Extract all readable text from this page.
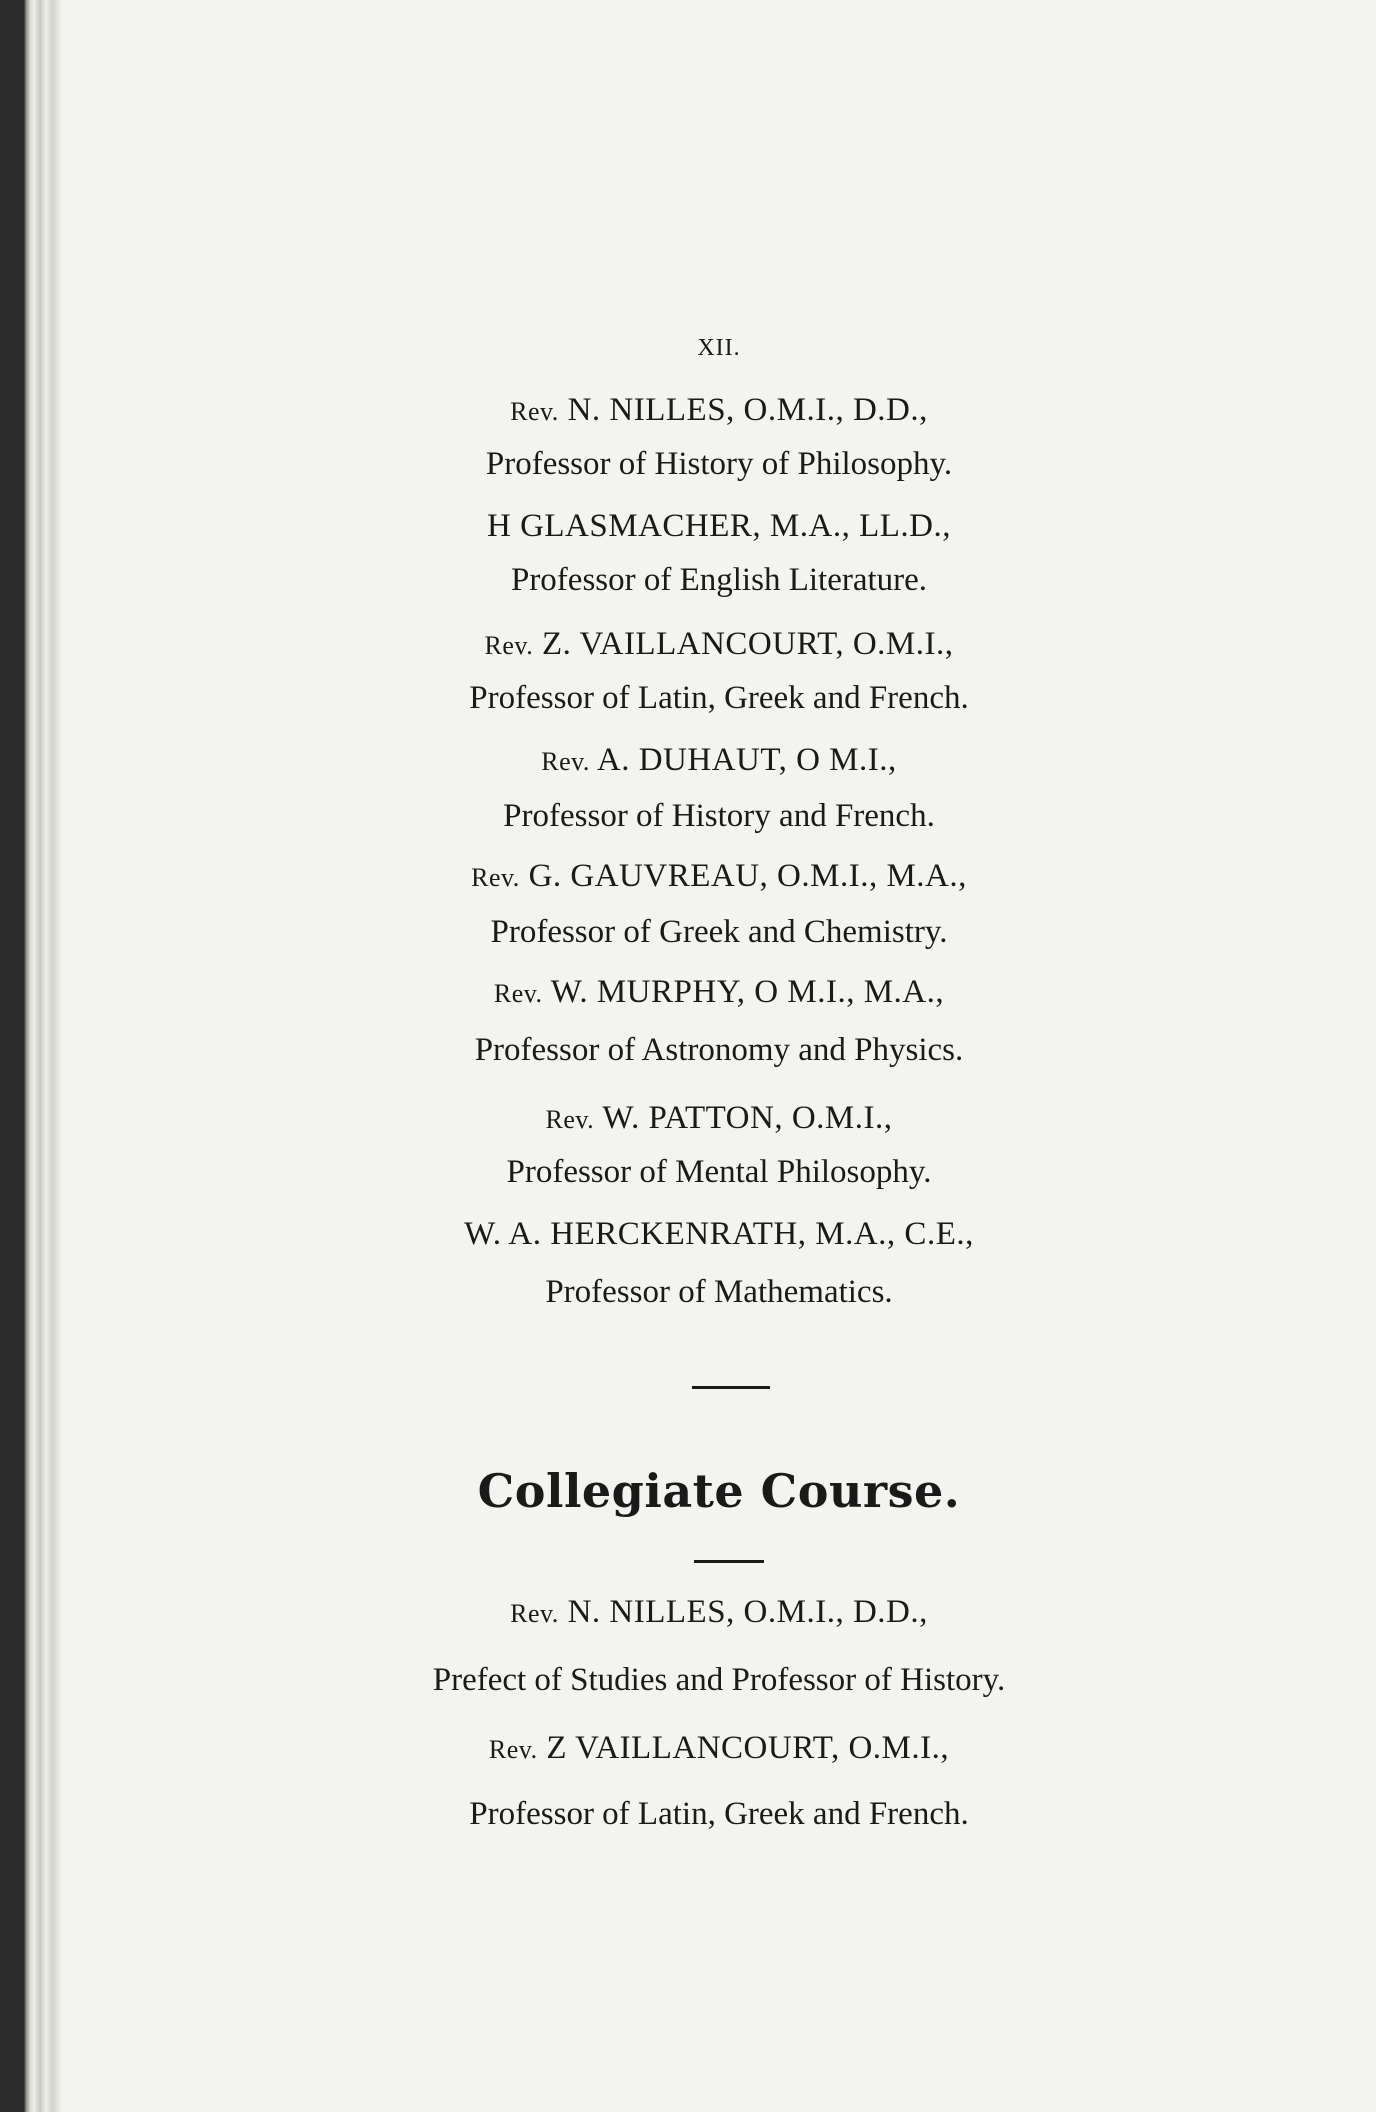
XII.
Rev. N. NILLES, O.M.I., D.D.,
Professor of History of Philosophy.
H GLASMACHER, M.A., LL.D.,
Professor of English Literature.
Rev. Z. VAILLANCOURT, O.M.I.,
Professor of Latin, Greek and French.
Rev. A. DUHAUT, O M.I.,
Professor of History and French.
Rev. G. GAUVREAU, O.M.I., M.A.,
Professor of Greek and Chemistry.
Rev. W. MURPHY, O M.I., M.A.,
Professor of Astronomy and Physics.
Rev. W. PATTON, O.M.I.,
Professor of Mental Philosophy.
W. A. HERCKENRATH, M.A., C.E.,
Professor of Mathematics.
Collegiate Course.
Rev. N. NILLES, O.M.I., D.D.,
Prefect of Studies and Professor of History.
Rev. Z VAILLANCOURT, O.M.I.,
Professor of Latin, Greek and French.
